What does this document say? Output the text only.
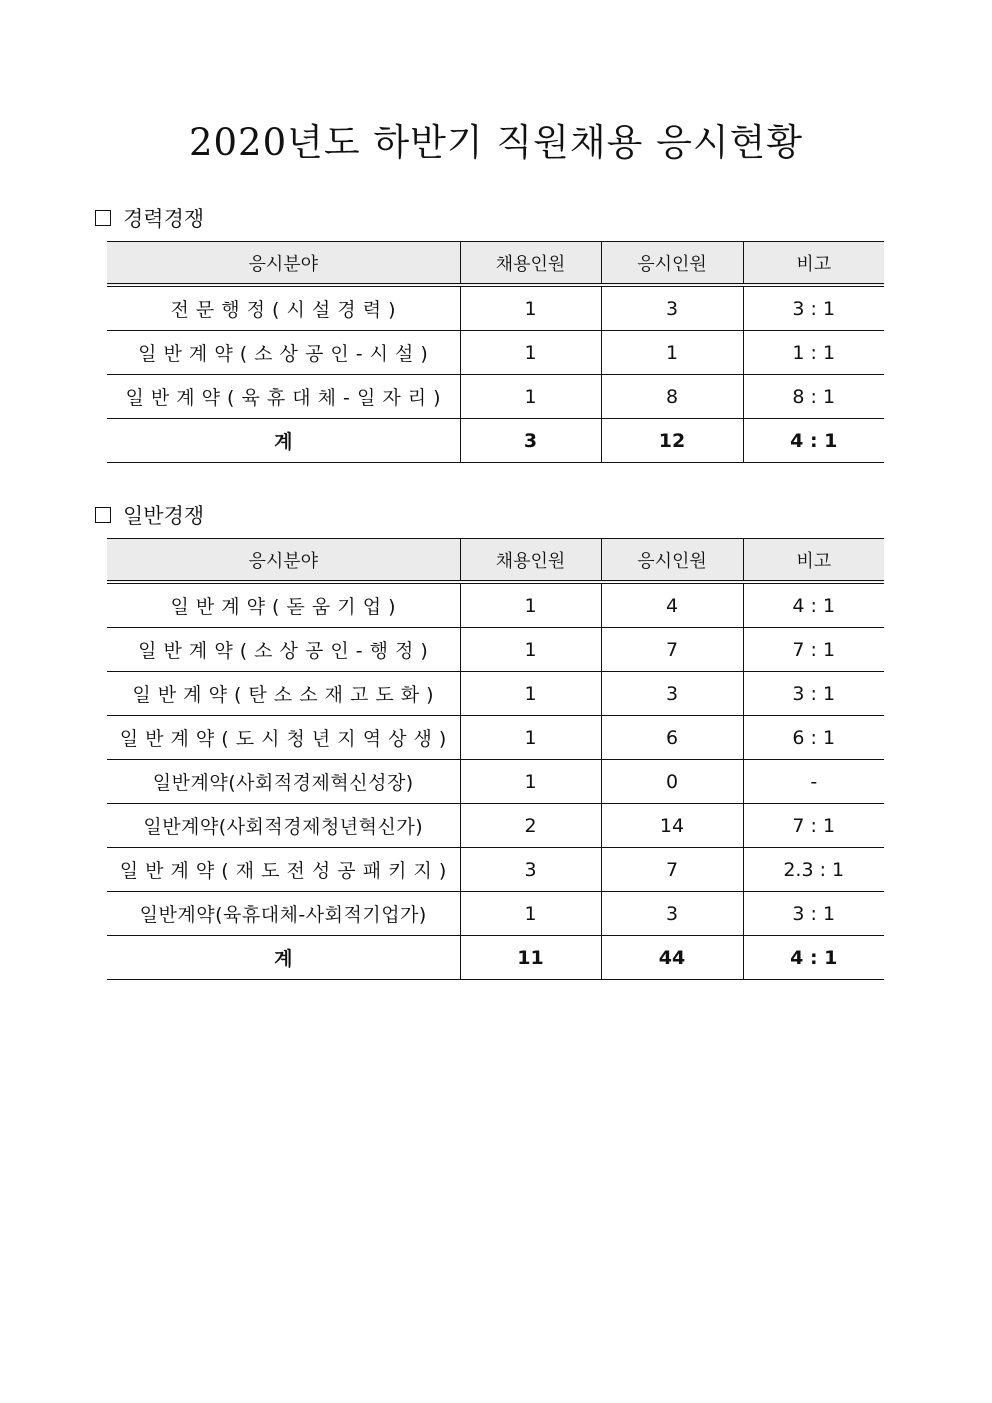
2020년도 하반기 직원채용 응시현황
경력경쟁
응시분야	채용인원	응시인원	비고
전 문 행 정 ( 시 설 경 력 )	1	3	3 : 1
일 반 계 약 ( 소 상 공 인 - 시 설 )	1	1	1 : 1
일 반 계 약 ( 육 휴 대 체 - 일 자 리 )	1	8	8 : 1
계	3	12	4 : 1
일반경쟁
응시분야	채용인원	응시인원	비고
일 반 계 약 ( 돋 움 기 업 )	1	4	4 : 1
일 반 계 약 ( 소 상 공 인 - 행 정 )	1	7	7 : 1
일 반 계 약 ( 탄 소 소 재 고 도 화 )	1	3	3 : 1
일 반 계 약 ( 도 시 청 년 지 역 상 생 )	1	6	6 : 1
일반계약(사회적경제혁신성장)	1	0	-
일반계약(사회적경제청년혁신가)	2	14	7 : 1
일 반 계 약 ( 재 도 전 성 공 패 키 지 )	3	7	2.3 : 1
일반계약(육휴대체-사회적기업가)	1	3	3 : 1
계	11	44	4 : 1
